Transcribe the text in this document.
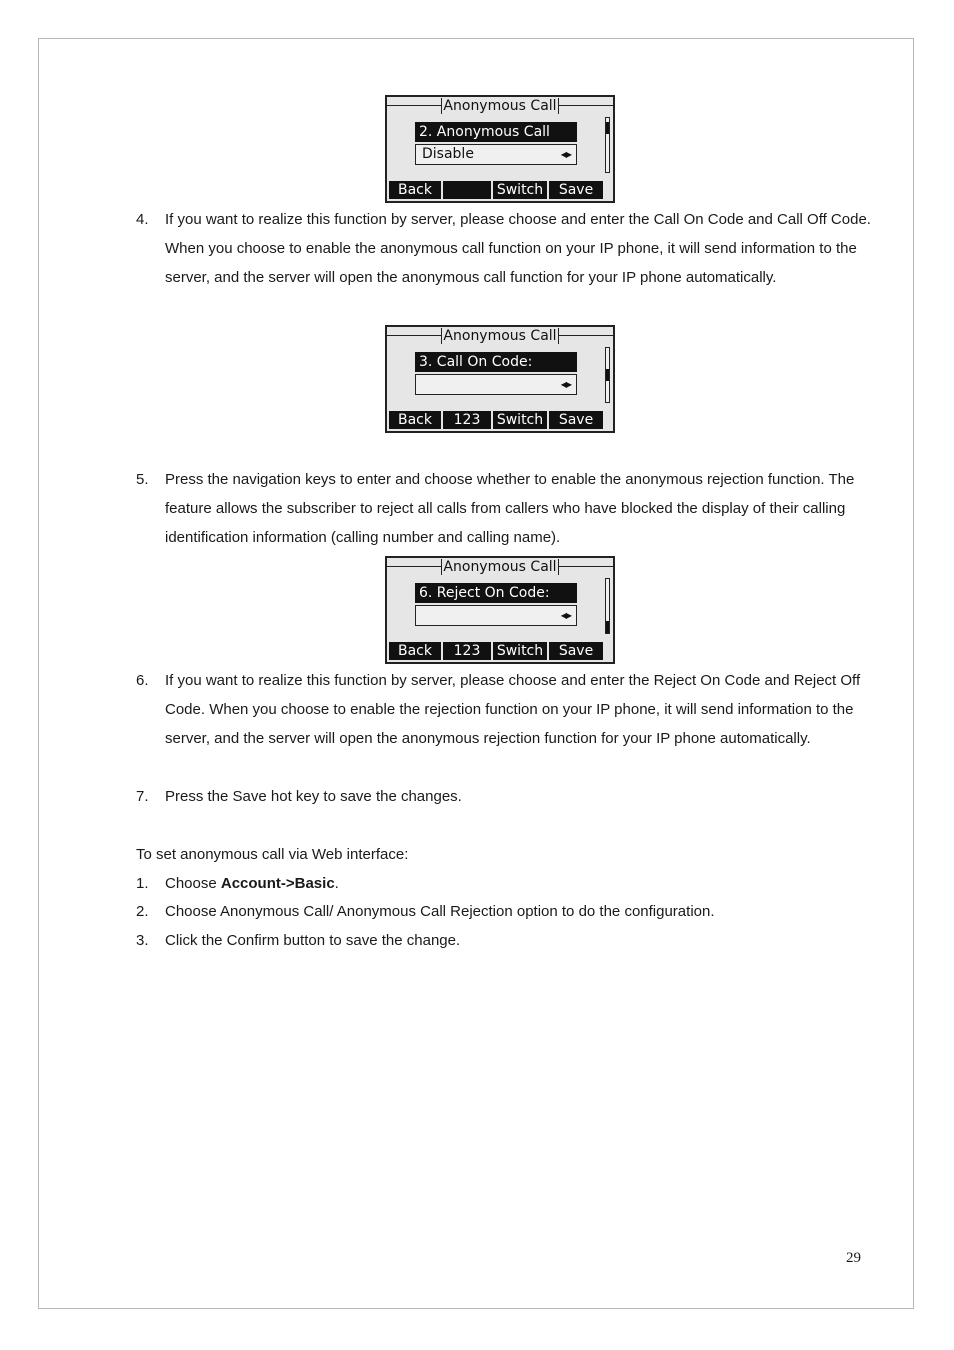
Anonymous Call
2. Anonymous Call
Disable	◀▶
Back	Switch	Save
4.	If you want to realize this function by server, please choose and enter the Call On Code and Call Off Code. When you choose to enable the anonymous call function on your IP phone, it will send information to the server, and the server will open the anonymous call function for your IP phone automatically.
Anonymous Call
3. Call On Code:
◀▶
Back	123	Switch	Save
5.	Press the navigation keys to enter and choose whether to enable the anonymous rejection function. The feature allows the subscriber to reject all calls from callers who have blocked the display of their calling identification information (calling number and calling name).
Anonymous Call
6. Reject On Code:
◀▶
Back	123	Switch	Save
6.	If you want to realize this function by server, please choose and enter the Reject On Code and Reject Off Code. When you choose to enable the rejection function on your IP phone, it will send information to the server, and the server will open the anonymous rejection function for your IP phone automatically.
7.	Press the Save hot key to save the changes.
To set anonymous call via Web interface:
1.	Choose Account->Basic.
2.	Choose Anonymous Call/ Anonymous Call Rejection option to do the configuration.
3.	Click the Confirm button to save the change.
29
